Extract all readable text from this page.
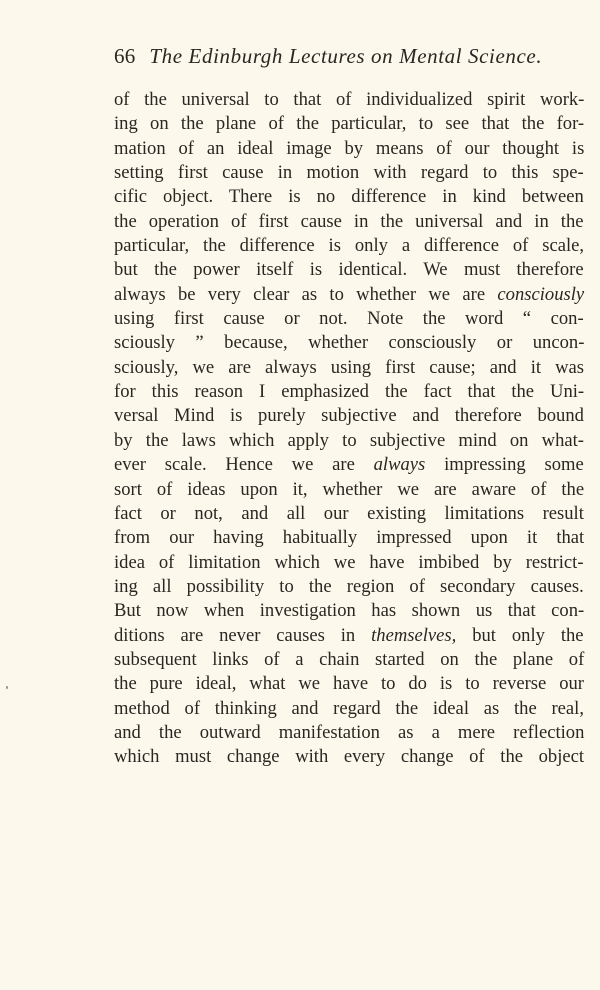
66 The Edinburgh Lectures on Mental Science.
of the universal to that of individualized spirit work-
ing on the plane of the particular, to see that the for-
mation of an ideal image by means of our thought is
setting first cause in motion with regard to this spe-
cific object. There is no difference in kind between
the operation of first cause in the universal and in the
particular, the difference is only a difference of scale,
but the power itself is identical. We must therefore
always be very clear as to whether we are consciously
using first cause or not. Note the word “ con-
sciously ” because, whether consciously or uncon-
sciously, we are always using first cause; and it was
for this reason I emphasized the fact that the Uni-
versal Mind is purely subjective and therefore bound
by the laws which apply to subjective mind on what-
ever scale. Hence we are always impressing some
sort of ideas upon it, whether we are aware of the
fact or not, and all our existing limitations result
from our having habitually impressed upon it that
idea of limitation which we have imbibed by restrict-
ing all possibility to the region of secondary causes.
But now when investigation has shown us that con-
ditions are never causes in themselves, but only the
subsequent links of a chain started on the plane of
the pure ideal, what we have to do is to reverse our
method of thinking and regard the ideal as the real,
and the outward manifestation as a mere reflection
which must change with every change of the object
